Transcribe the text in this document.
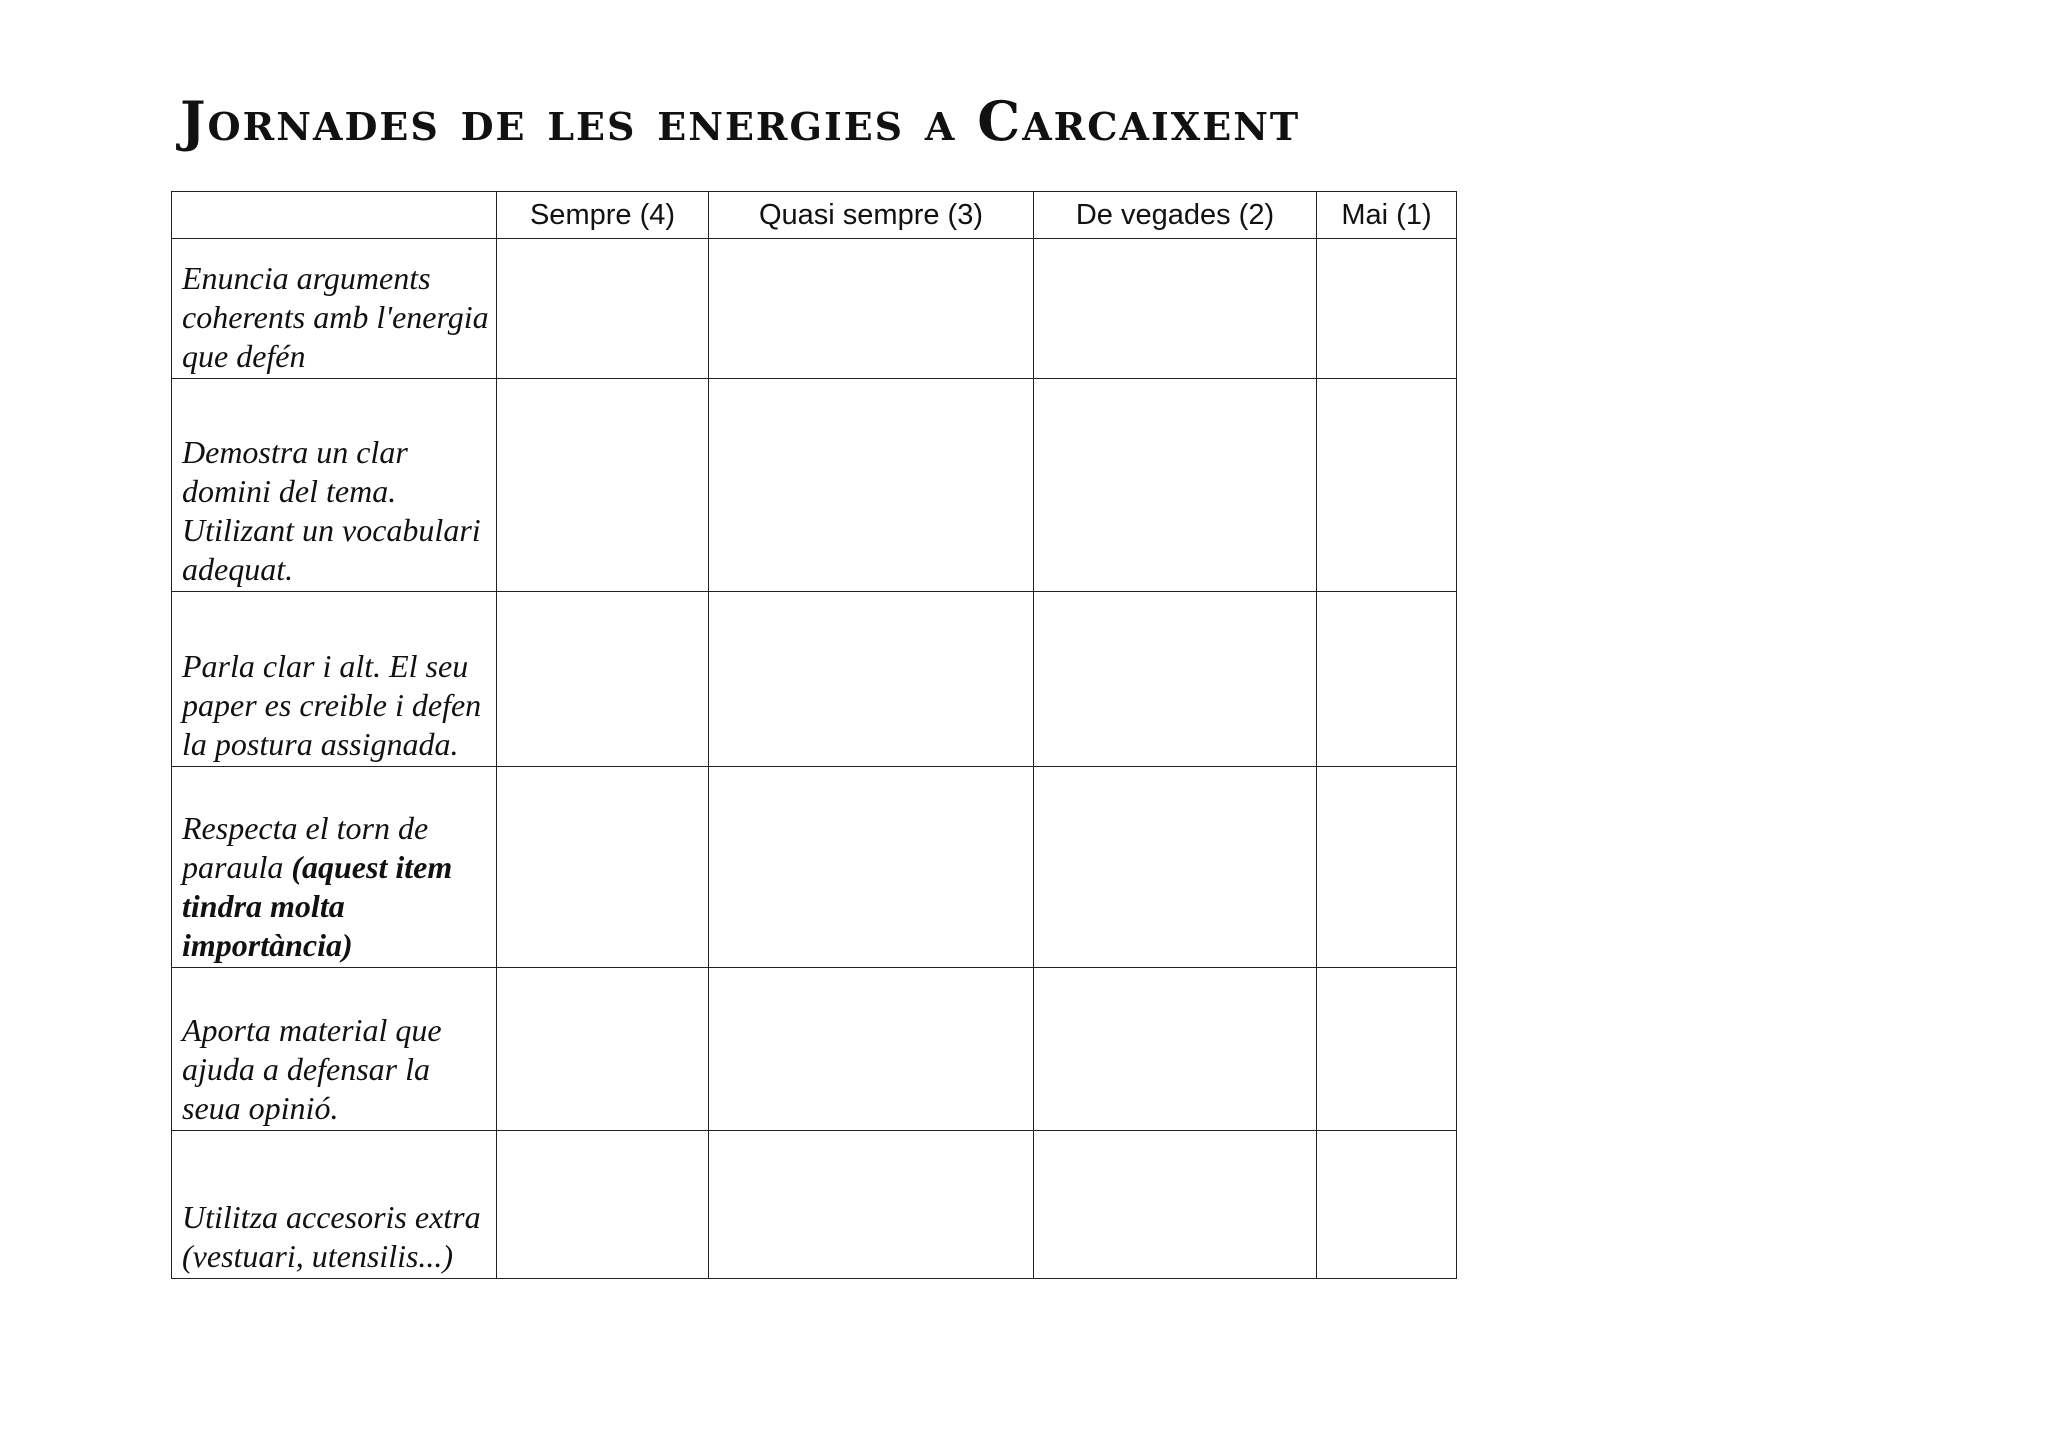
Jornades de les energies a Carcaixent
	Sempre (4)	Quasi sempre (3)	De vegades (2)	Mai (1)
Enuncia arguments coherents amb l'energia que defén				
Demostra un clar domini del tema. Utilizant un vocabulari adequat.				
Parla clar i alt. El seu paper es creible i defen la postura assignada.				
Respecta el torn de paraula (aquest item tindra molta importància)				
Aporta material que ajuda a defensar la seua opinió.				
Utilitza accesoris extra (vestuari, utensilis...)				
